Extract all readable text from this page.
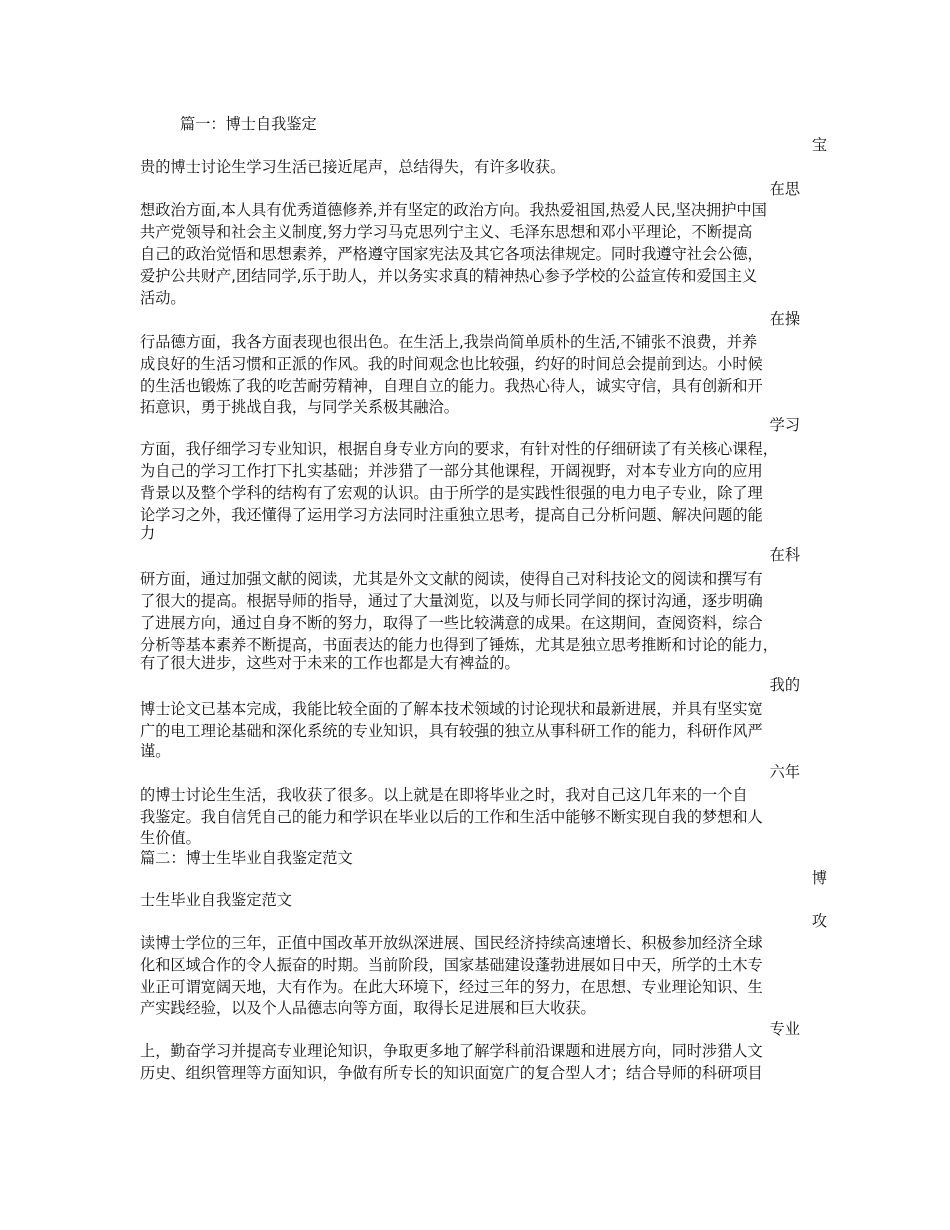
篇一：博士自我鉴定
宝
贵的博士讨论生学习生活已接近尾声，总结得失，有许多收获。
在思
想政治方面,本人具有优秀道德修养,并有坚定的政治方向。我热爱祖国,热爱人民,坚决拥护中国
共产党领导和社会主义制度,努力学习马克思列宁主义、毛泽东思想和邓小平理论，不断提高
自己的政治觉悟和思想素养，严格遵守国家宪法及其它各项法律规定。同时我遵守社会公德，
爱护公共财产,团结同学,乐于助人，并以务实求真的精神热心参予学校的公益宣传和爱国主义
活动。
在操
行品德方面，我各方面表现也很出色。在生活上,我崇尚简单质朴的生活,不铺张不浪费，并养
成良好的生活习惯和正派的作风。我的时间观念也比较强，约好的时间总会提前到达。小时候
的生活也锻炼了我的吃苦耐劳精神，自理自立的能力。我热心待人，诚实守信，具有创新和开
拓意识，勇于挑战自我，与同学关系极其融洽。
学习
方面，我仔细学习专业知识，根据自身专业方向的要求，有针对性的仔细研读了有关核心课程，
为自己的学习工作打下扎实基础；并涉猎了一部分其他课程，开阔视野，对本专业方向的应用
背景以及整个学科的结构有了宏观的认识。由于所学的是实践性很强的电力电子专业，除了理
论学习之外，我还懂得了运用学习方法同时注重独立思考，提高自己分析问题、解决问题的能
力
在科
研方面，通过加强文献的阅读，尤其是外文文献的阅读，使得自己对科技论文的阅读和撰写有
了很大的提高。根据导师的指导，通过了大量浏览，以及与师长同学间的探讨沟通，逐步明确
了进展方向，通过自身不断的努力，取得了一些比较满意的成果。在这期间，查阅资料，综合
分析等基本素养不断提高，书面表达的能力也得到了锤炼，尤其是独立思考推断和讨论的能力，
有了很大进步，这些对于未来的工作也都是大有裨益的。
我的
博士论文已基本完成，我能比较全面的了解本技术领域的讨论现状和最新进展，并具有坚实宽
广的电工理论基础和深化系统的专业知识，具有较强的独立从事科研工作的能力，科研作风严
谨。
六年
的博士讨论生生活，我收获了很多。以上就是在即将毕业之时，我对自己这几年来的一个自
我鉴定。我自信凭自己的能力和学识在毕业以后的工作和生活中能够不断实现自我的梦想和人
生价值。
篇二：博士生毕业自我鉴定范文
博
士生毕业自我鉴定范文
攻
读博士学位的三年，正值中国改革开放纵深进展、国民经济持续高速增长、积极参加经济全球
化和区域合作的令人振奋的时期。当前阶段，国家基础建设蓬勃进展如日中天，所学的土木专
业正可谓宽阔天地，大有作为。在此大环境下，经过三年的努力，在思想、专业理论知识、生
产实践经验，以及个人品德志向等方面，取得长足进展和巨大收获。
专业
上，勤奋学习并提高专业理论知识，争取更多地了解学科前沿课题和进展方向，同时涉猎人文
历史、组织管理等方面知识，争做有所专长的知识面宽广的复合型人才；结合导师的科研项目
